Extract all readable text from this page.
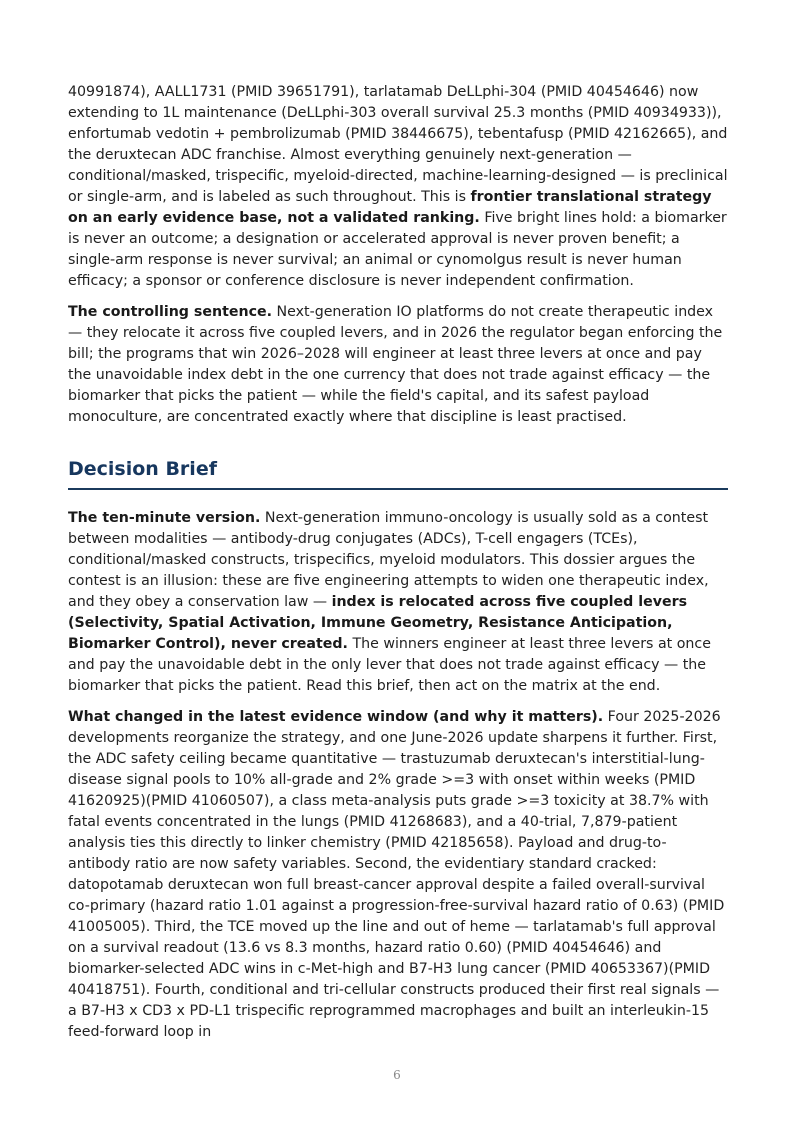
40991874), AALL1731 (PMID 39651791), tarlatamab DeLLphi-304 (PMID 40454646) now extending to 1L maintenance (DeLLphi-303 overall survival 25.3 months (PMID 40934933)), enfortumab vedotin + pembrolizumab (PMID 38446675), tebentafusp (PMID 42162665), and the deruxtecan ADC franchise. Almost everything genuinely next-generation — conditional/masked, trispecific, myeloid-directed, machine-learning-designed — is preclinical or single-arm, and is labeled as such throughout. This is frontier translational strategy on an early evidence base, not a validated ranking. Five bright lines hold: a biomarker is never an outcome; a designation or accelerated approval is never proven benefit; a single-arm response is never survival; an animal or cynomolgus result is never human efficacy; a sponsor or conference disclosure is never independent confirmation.

The controlling sentence. Next-generation IO platforms do not create therapeutic index — they relocate it across five coupled levers, and in 2026 the regulator began enforcing the bill; the programs that win 2026–2028 will engineer at least three levers at once and pay the unavoidable index debt in the one currency that does not trade against efficacy — the biomarker that picks the patient — while the field's capital, and its safest payload monoculture, are concentrated exactly where that discipline is least practised.

Decision Brief

The ten-minute version. Next-generation immuno-oncology is usually sold as a contest between modalities — antibody-drug conjugates (ADCs), T-cell engagers (TCEs), conditional/masked constructs, trispecifics, myeloid modulators. This dossier argues the contest is an illusion: these are five engineering attempts to widen one therapeutic index, and they obey a conservation law — index is relocated across five coupled levers (Selectivity, Spatial Activation, Immune Geometry, Resistance Anticipation, Biomarker Control), never created. The winners engineer at least three levers at once and pay the unavoidable debt in the only lever that does not trade against efficacy — the biomarker that picks the patient. Read this brief, then act on the matrix at the end.

What changed in the latest evidence window (and why it matters). Four 2025-2026 developments reorganize the strategy, and one June-2026 update sharpens it further. First, the ADC safety ceiling became quantitative — trastuzumab deruxtecan's interstitial-lung-disease signal pools to 10% all-grade and 2% grade >=3 with onset within weeks (PMID 41620925)(PMID 41060507), a class meta-analysis puts grade >=3 toxicity at 38.7% with fatal events concentrated in the lungs (PMID 41268683), and a 40-trial, 7,879-patient analysis ties this directly to linker chemistry (PMID 42185658). Payload and drug-to-antibody ratio are now safety variables. Second, the evidentiary standard cracked: datopotamab deruxtecan won full breast-cancer approval despite a failed overall-survival co-primary (hazard ratio 1.01 against a progression-free-survival hazard ratio of 0.63) (PMID 41005005). Third, the TCE moved up the line and out of heme — tarlatamab's full approval on a survival readout (13.6 vs 8.3 months, hazard ratio 0.60) (PMID 40454646) and biomarker-selected ADC wins in c-Met-high and B7-H3 lung cancer (PMID 40653367)(PMID 40418751). Fourth, conditional and tri-cellular constructs produced their first real signals — a B7-H3 x CD3 x PD-L1 trispecific reprogrammed macrophages and built an interleukin-15 feed-forward loop in

6
